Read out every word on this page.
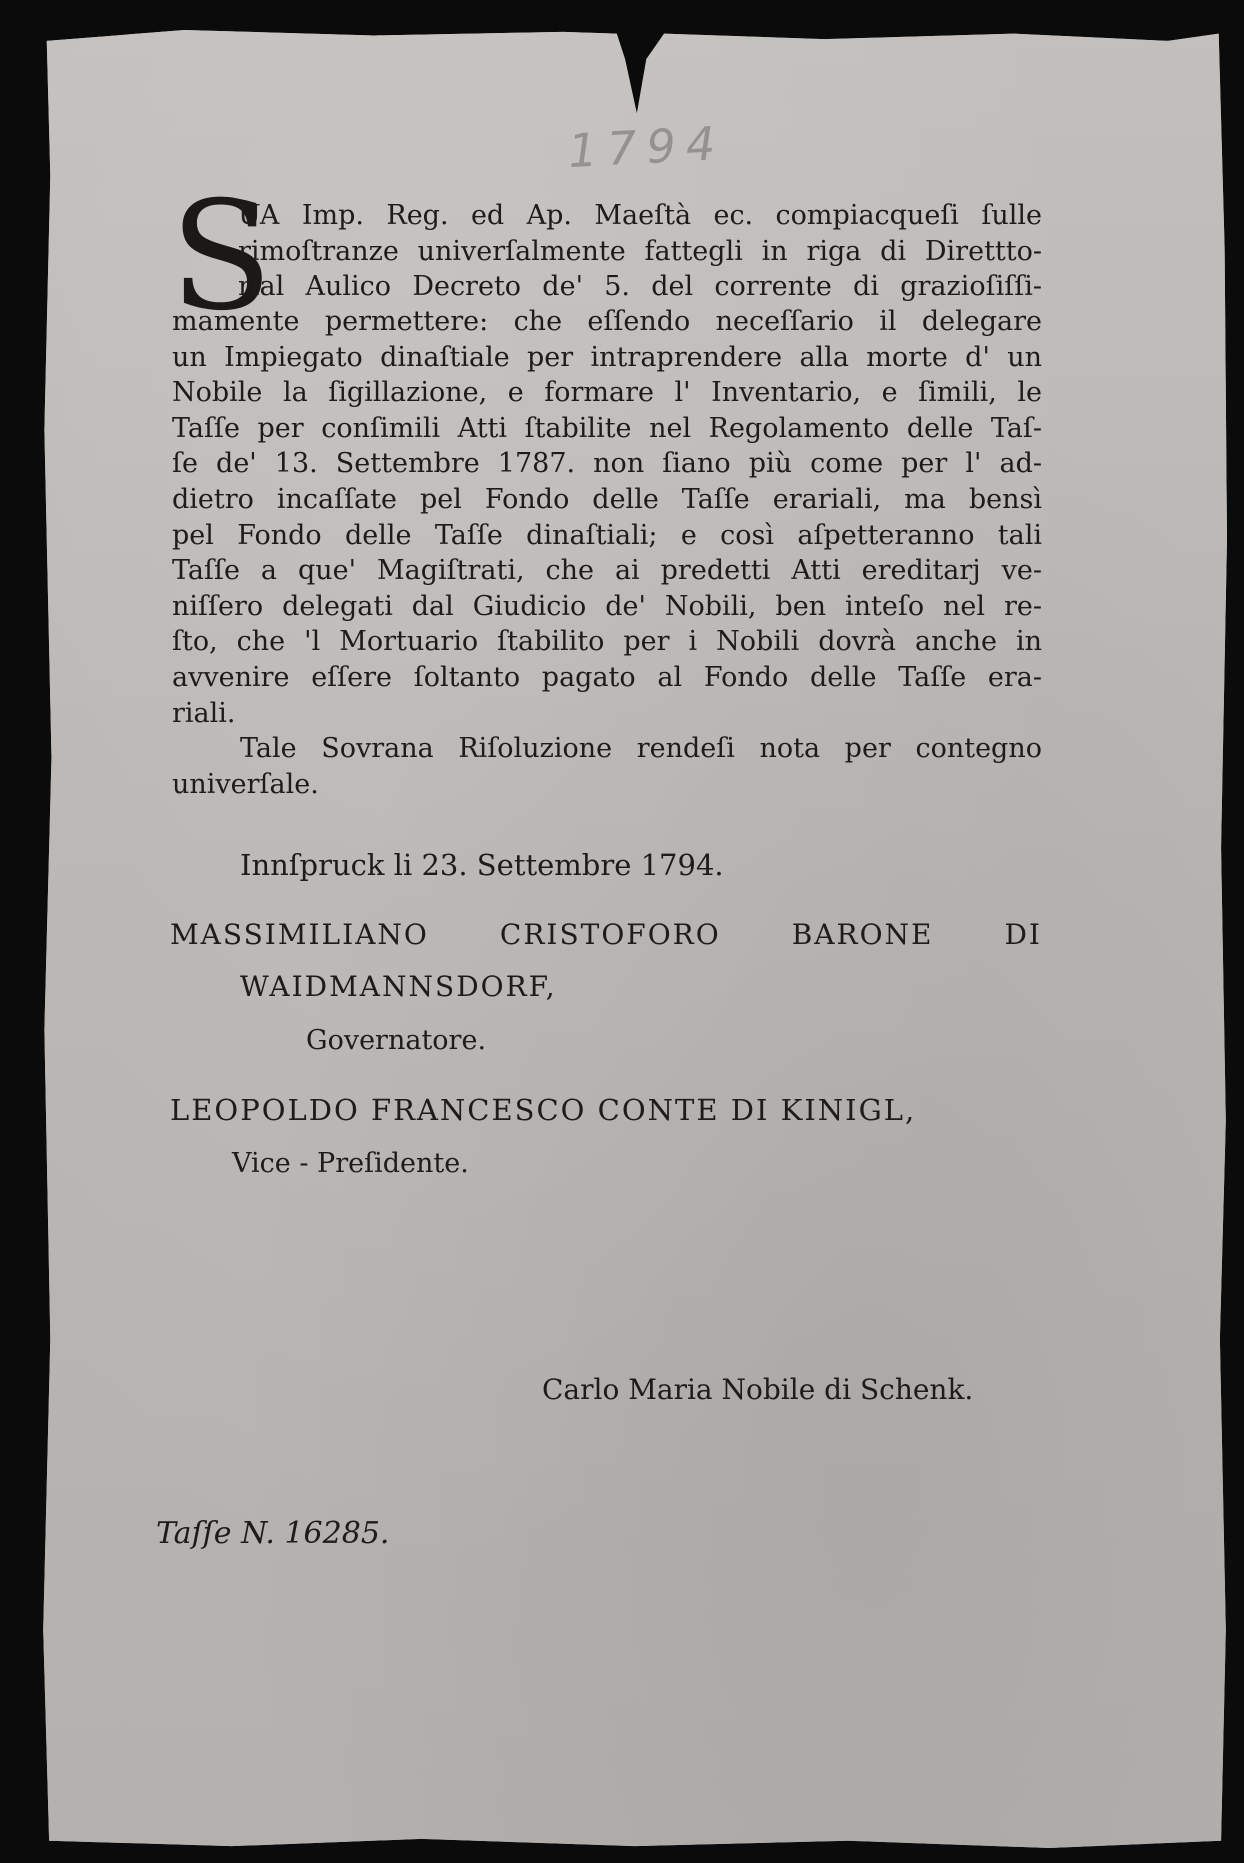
1794
S
UA Imp. Reg. ed Ap. Maeſtà ec. compiacqueſi ſulle
rimoſtranze univerſalmente fattegli in riga di Direttto-
rial Aulico Decreto de' 5. del corrente di grazioſiſſi-
mamente permettere: che eſſendo neceſſario il delegare
un Impiegato dinaſtiale per intraprendere alla morte d' un
Nobile la ſigillazione, e formare l' Inventario, e ſimili, le
Taſſe per conſimili Atti ſtabilite nel Regolamento delle Taſ-
ſe de' 13. Settembre 1787. non ſiano più come per l' ad-
dietro incaſſate pel Fondo delle Taſſe erariali, ma bensì
pel Fondo delle Taſſe dinaſtiali; e così aſpetteranno tali
Taſſe a que' Magiſtrati, che ai predetti Atti ereditarj ve-
niſſero delegati dal Giudicio de' Nobili, ben inteſo nel re-
ſto, che 'l Mortuario ſtabilito per i Nobili dovrà anche in
avvenire eſſere ſoltanto pagato al Fondo delle Taſſe era-
riali.
Tale Sovrana Riſoluzione rendeſi nota per contegno
univerſale.
Innſpruck li 23. Settembre 1794.
MASSIMILIANO CRISTOFORO BARONE DI
WAIDMANNSDORF,
Governatore.
LEOPOLDO FRANCESCO CONTE DI KINIGL,
Vice - Preſidente.
Carlo Maria Nobile di Schenk.
Taſſe N. 16285.
